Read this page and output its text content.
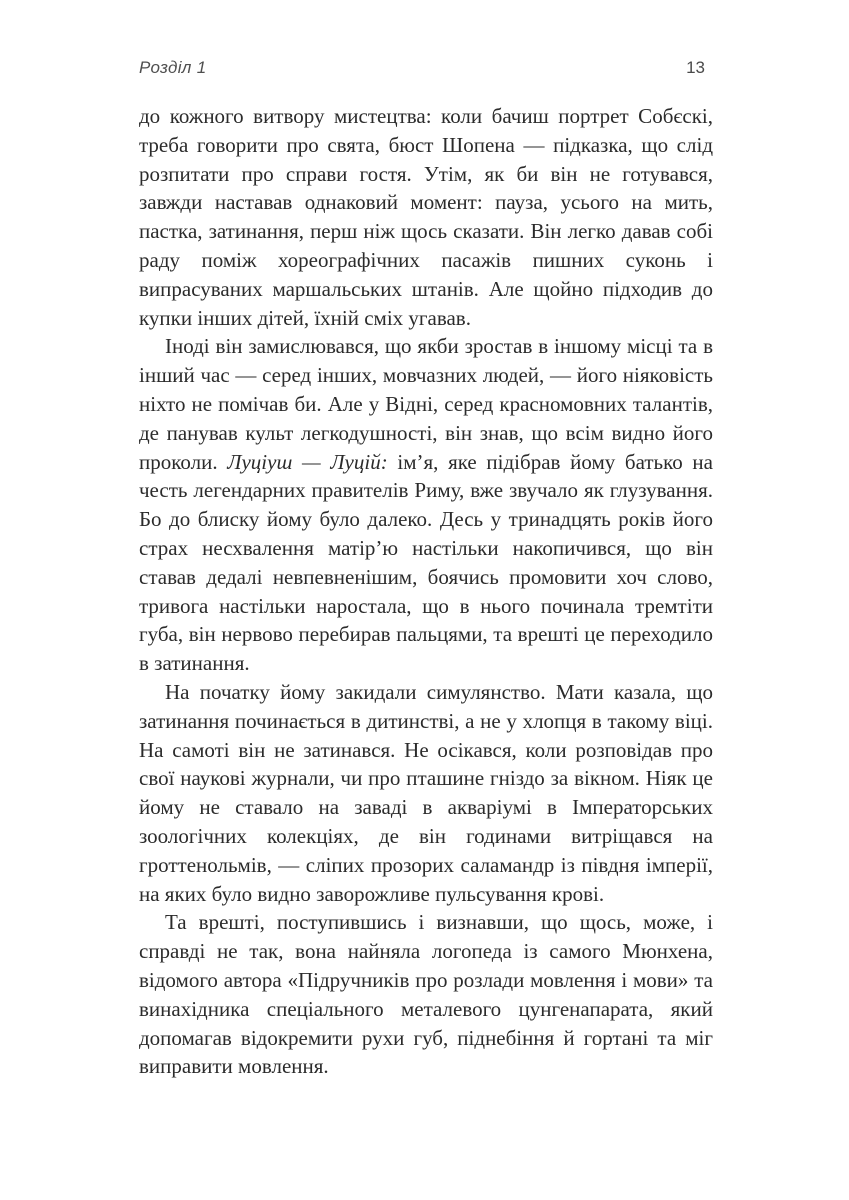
Розділ 1	13

до кожного витвору мистецтва: коли бачиш портрет Собєскі, треба говорити про свята, бюст Шопена — підказка, що слід розпитати про справи гостя. Утім, як би він не готувався, завжди наставав однаковий момент: пауза, усього на мить, пастка, затинання, перш ніж щось сказати. Він легко давав собі раду поміж хореографічних пасажів пишних суконь і випрасуваних маршальських штанів. Але щойно підходив до купки інших дітей, їхній сміх угавав.

Іноді він замислювався, що якби зростав в іншому місці та в інший час — серед інших, мовчазних людей, — його ніяковість ніхто не помічав би. Але у Відні, серед красномовних талантів, де панував культ легкодушності, він знав, що всім видно його проколи. Луціуш — Луцій: ім’я, яке підібрав йому батько на честь легендарних правителів Риму, вже звучало як глузування. Бо до блиску йому було далеко. Десь у тринадцять років його страх несхвалення матір’ю настільки накопичився, що він ставав дедалі невпевненішим, боячись промовити хоч слово, тривога настільки наростала, що в нього починала тремтіти губа, він нервово перебирав пальцями, та врешті це переходило в затинання.

На початку йому закидали симулянство. Мати казала, що затинання починається в дитинстві, а не у хлопця в такому віці. На самоті він не затинався. Не осікався, коли розповідав про свої наукові журнали, чи про пташине гніздо за вікном. Ніяк це йому не ставало на заваді в акваріумі в Імператорських зоологічних колекціях, де він годинами витріщався на гроттенольмів, — сліпих прозорих саламандр із півдня імперії, на яких було видно заворожливе пульсування крові.

Та врешті, поступившись і визнавши, що щось, може, і справді не так, вона найняла логопеда із самого Мюнхена, відомого автора «Підручників про розлади мовлення і мови» та винахідника спеціального металевого цунгенапарата, який допомагав відокремити рухи губ, піднебіння й гортані та міг виправити мовлення.
